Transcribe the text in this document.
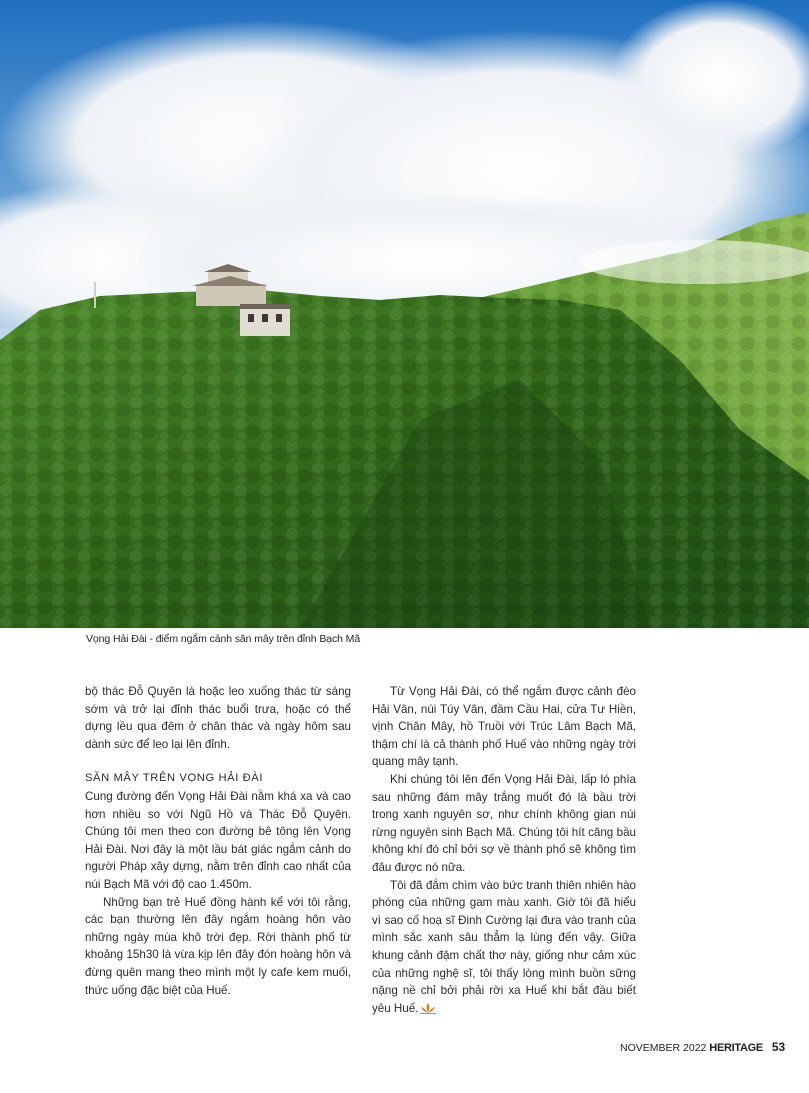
Vọng Hải Đài - điểm ngắm cảnh săn mây trên đỉnh Bạch Mã

bộ thác Đỗ Quyên là hoặc leo xuống thác từ sáng sớm và trở lại đỉnh thác buổi trưa, hoặc có thể dựng lều qua đêm ở chân thác và ngày hôm sau dành sức để leo lại lên đỉnh.

SĂN MÂY TRÊN VỌNG HẢI ĐÀI

Cung đường đến Vọng Hải Đài nằm khá xa và cao hơn nhiều so với Ngũ Hồ và Thác Đỗ Quyên. Chúng tôi men theo con đường bê tông lên Vọng Hải Đài. Nơi đây là một lầu bát giác ngắm cảnh do người Pháp xây dựng, nằm trên đỉnh cao nhất của núi Bạch Mã với độ cao 1.450m.

Những bạn trẻ Huế đồng hành kể với tôi rằng, các bạn thường lên đây ngắm hoàng hôn vào những ngày mùa khô trời đẹp. Rời thành phố từ khoảng 15h30 là vừa kịp lên đây đón hoàng hôn và đừng quên mang theo mình một ly cafe kem muối, thức uống đặc biệt của Huế.

Từ Vọng Hải Đài, có thể ngắm được cảnh đèo Hải Vân, núi Túy Vân, đầm Cầu Hai, cửa Tư Hiền, vịnh Chân Mây, hồ Truồi với Trúc Lâm Bạch Mã, thậm chí là cả thành phố Huế vào những ngày trời quang mây tạnh.

Khi chúng tôi lên đến Vọng Hải Đài, lấp ló phía sau những đám mây trắng muốt đó là bầu trời trong xanh nguyên sơ, như chính không gian núi rừng nguyên sinh Bạch Mã. Chúng tôi hít căng bầu không khí đó chỉ bởi sợ về thành phố sẽ không tìm đâu được nó nữa.

Tôi đã đắm chìm vào bức tranh thiên nhiên hào phóng của những gam màu xanh. Giờ tôi đã hiểu vì sao cố hoạ sĩ Đinh Cường lại đưa vào tranh của mình sắc xanh sâu thẳm lạ lùng đến vậy. Giữa khung cảnh đậm chất thơ này, giống như cảm xúc của những nghệ sĩ, tôi thấy lòng mình buồn sững nặng nề chỉ bởi phải rời xa Huế khi bắt đầu biết yêu Huế.

NOVEMBER 2022 HERITAGE 53
